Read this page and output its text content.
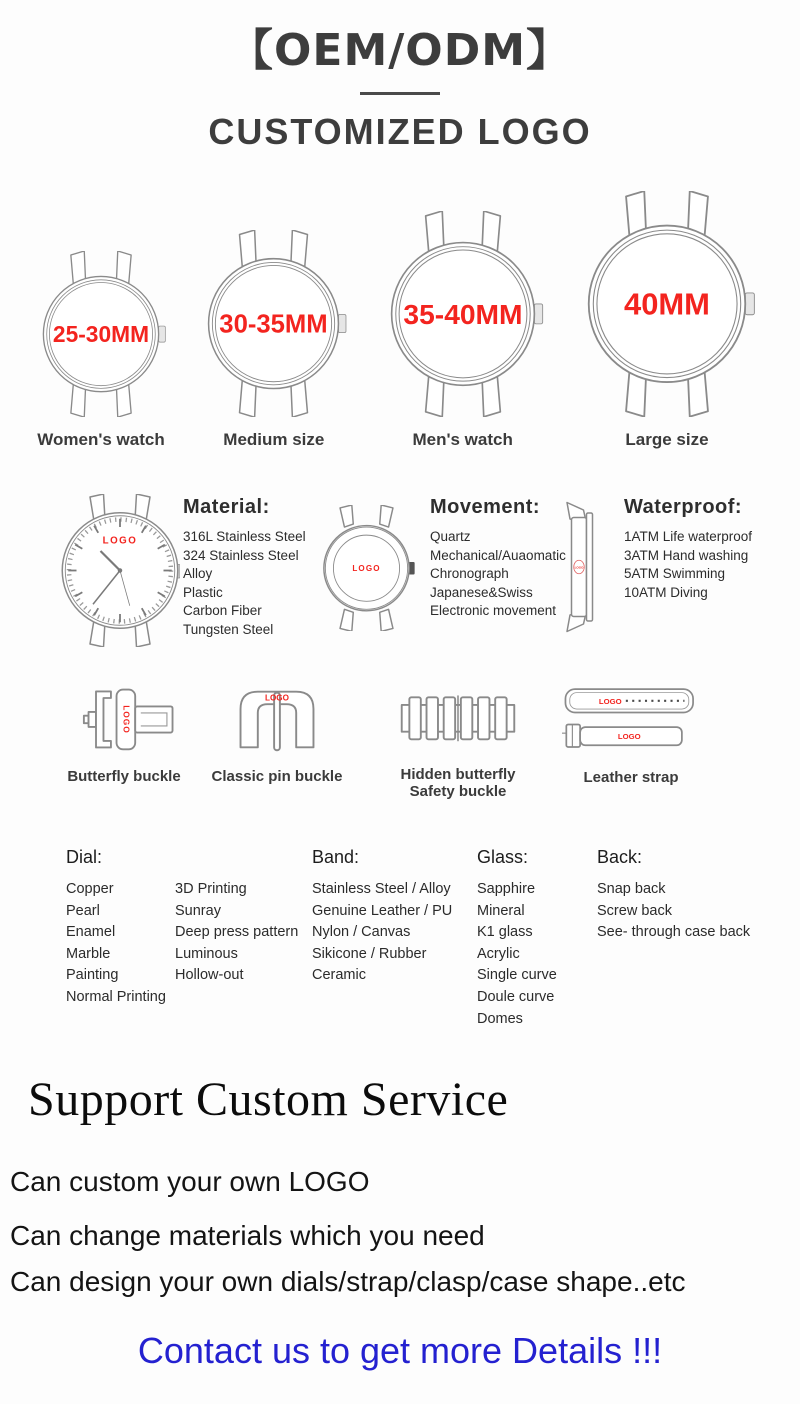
【OEM/ODM】
CUSTOMIZED LOGO
25-30MM
Women's watch
30-35MM
Medium size
35-40MM
Men's watch
40MM
Large size
LOGO
Material:
316L Stainless Steel
324 Stainless Steel
Alloy
Plastic
Carbon Fiber
Tungsten Steel
LOGO
Movement:
Quartz
Mechanical/Auaomatic
Chronograph
Japanese&Swiss
Electronic movement
LOGO
Waterproof:
1ATM Life waterproof
3ATM Hand washing
5ATM Swimming
10ATM Diving
LOGO
Butterfly buckle
LOGO
Classic pin buckle	Hidden butterfly
Safety buckle
LOGO
LOGO
Leather strap
Dial:
Copper
Pearl
Enamel
Marble
Painting
Normal Printing
3D Printing
Sunray
Deep press pattern
Luminous
Hollow-out
Band:
Stainless Steel / Alloy
Genuine Leather / PU
Nylon / Canvas
Sikicone / Rubber
Ceramic
Glass:
Sapphire
Mineral
K1 glass
Acrylic
Single curve
Doule curve
Domes
Back:
Snap back
Screw back
See- through case back
Support Custom Service
Can custom your own LOGO
Can change materials which you need
Can design your own dials/strap/clasp/case shape..etc
Contact us to get more Details !!!
